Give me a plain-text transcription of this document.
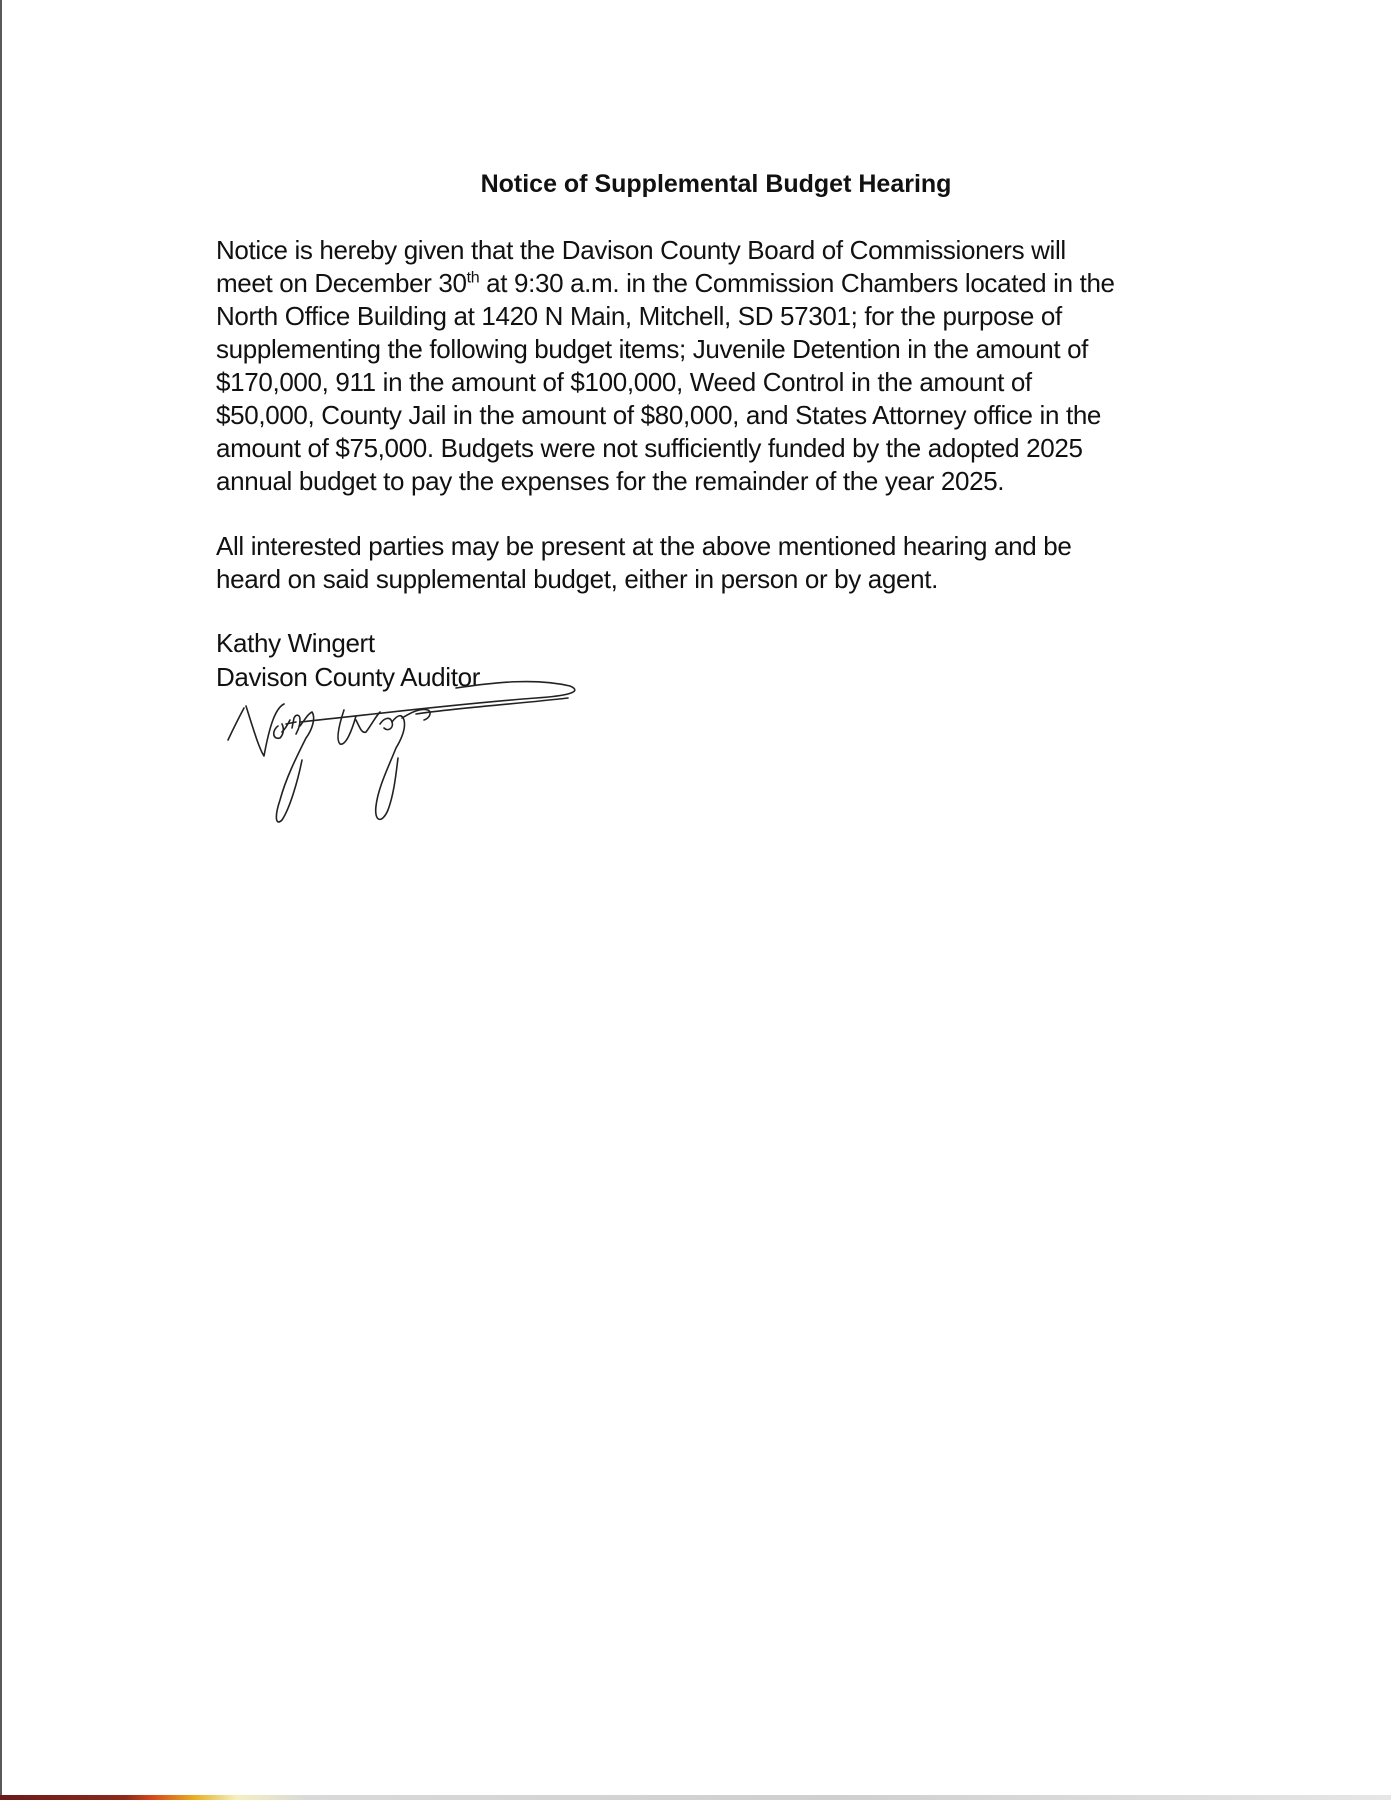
Notice of Supplemental Budget Hearing

Notice is hereby given that the Davison County Board of Commissioners will
meet on December 30th at 9:30 a.m. in the Commission Chambers located in the
North Office Building at 1420 N Main, Mitchell, SD 57301; for the purpose of
supplementing the following budget items; Juvenile Detention in the amount of
$170,000, 911 in the amount of $100,000, Weed Control in the amount of
$50,000, County Jail in the amount of $80,000, and States Attorney office in the
amount of $75,000. Budgets were not sufficiently funded by the adopted 2025
annual budget to pay the expenses for the remainder of the year 2025.

All interested parties may be present at the above mentioned hearing and be
heard on said supplemental budget, either in person or by agent.

Kathy Wingert
Davison County Auditor
